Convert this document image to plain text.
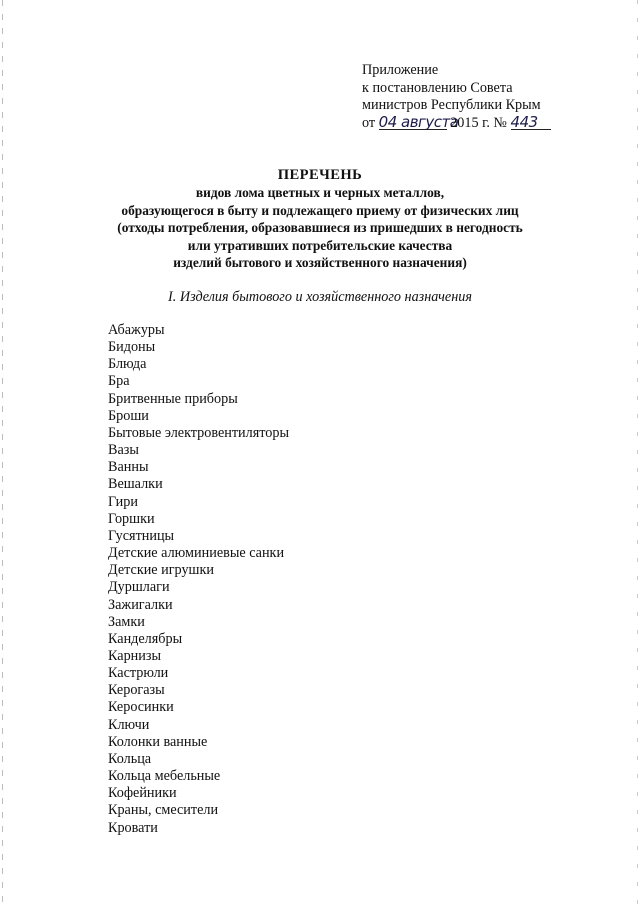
Приложение
к постановлению Совета
министров Республики Крым
от 04 августа 2015 г. № 443
ПЕРЕЧЕНЬ
видов лома цветных и черных металлов,
образующегося в быту и подлежащего приему от физических лиц
(отходы потребления, образовавшиеся из пришедших в негодность
или утративших потребительские качества
изделий бытового и хозяйственного назначения)
I. Изделия бытового и хозяйственного назначения
Абажуры
Бидоны
Блюда
Бра
Бритвенные приборы
Броши
Бытовые электровентиляторы
Вазы
Ванны
Вешалки
Гири
Горшки
Гусятницы
Детские алюминиевые санки
Детские игрушки
Дуршлаги
Зажигалки
Замки
Канделябры
Карнизы
Кастрюли
Керогазы
Керосинки
Ключи
Колонки ванные
Кольца
Кольца мебельные
Кофейники
Краны, смесители
Кровати
